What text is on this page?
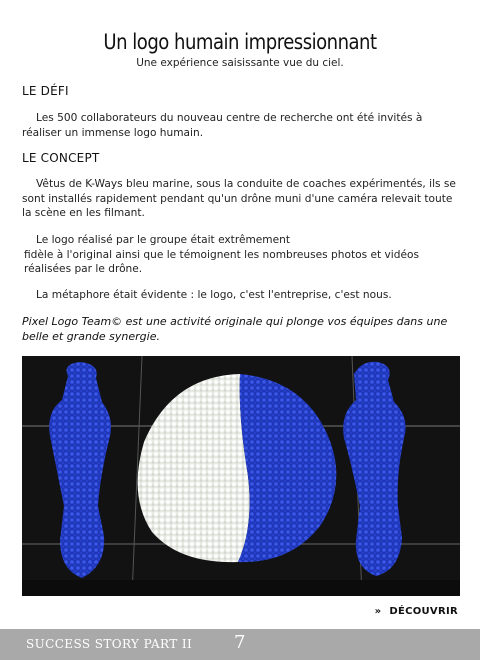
Un logo humain impressionnant
Une expérience saisissante vue du ciel.
LE DÉFI
Les 500 collaborateurs du nouveau centre de recherche ont été invités à réaliser un immense logo humain.
LE CONCEPT
Vêtus de K-Ways bleu marine, sous la conduite de coaches expérimentés, ils se sont installés rapidement pendant qu'un drône muni d'une caméra relevait toute la scène en les filmant.
Le logo réalisé par le groupe était extrêmement
fidèle à l'original ainsi que le témoignent les nombreuses photos et vidéos réalisées par le drône.
La métaphore était évidente : le logo, c'est l'entreprise, c'est nous.
Pixel Logo Team© est une activité originale qui plonge vos équipes dans une belle et grande synergie.
» DÉCOUVRIR
SUCCESS STORY PART II 7
